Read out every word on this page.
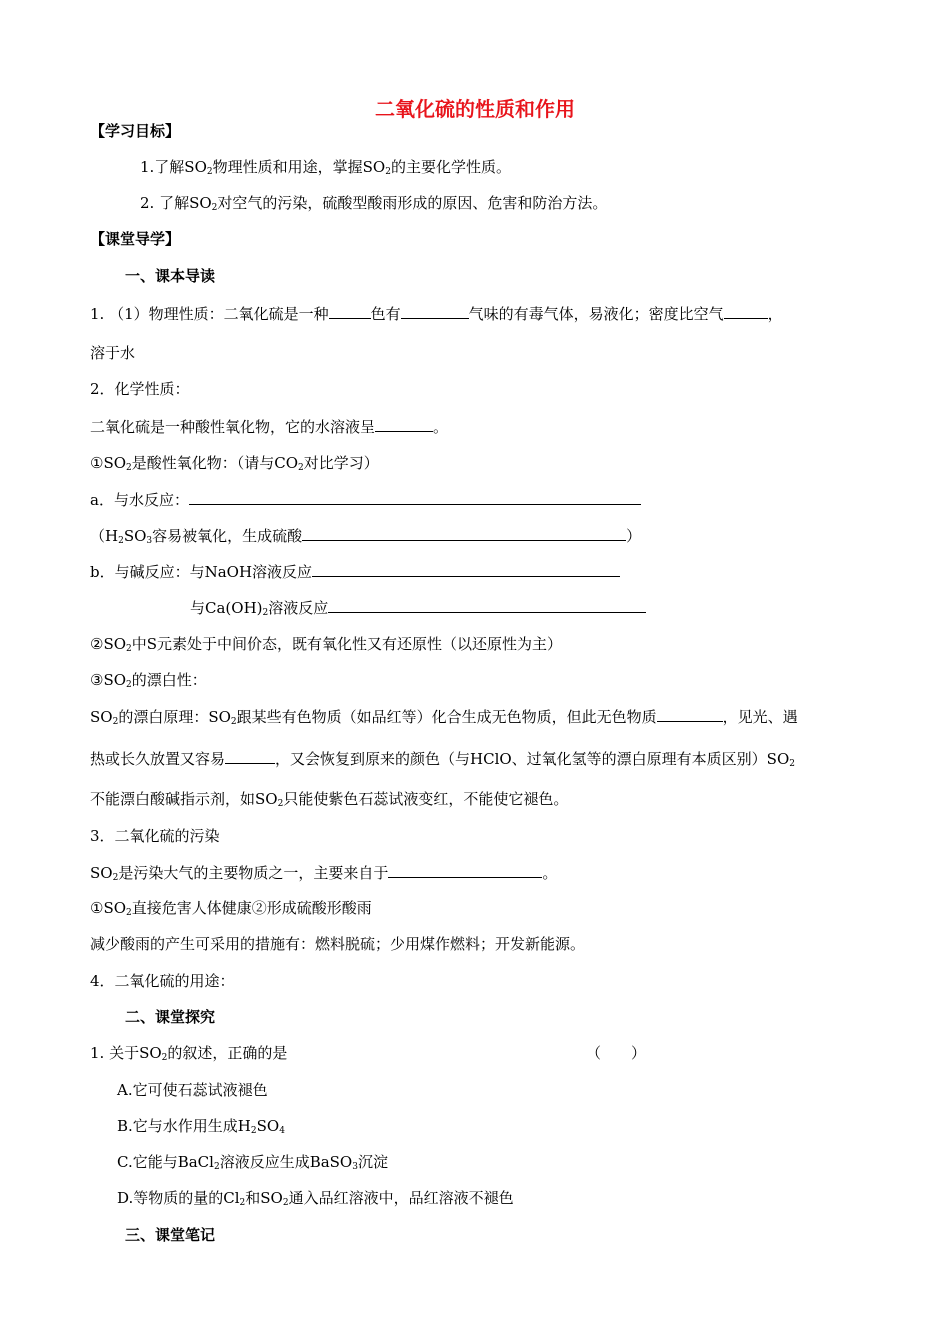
二氧化硫的性质和作用
【学习目标】
1.了解$SO_2$物理性质和用途，掌握$SO_2$的主要化学性质。
2. 了解$SO_2$对空气的污染，硫酸型酸雨形成的原因、危害和防治方法。
【课堂导学】
一、课本导读
1. （1）物理性质：二氧化硫是一种	色有	气味的有毒气体，易液化；密度比空气	，
溶于水
2．化学性质：
二氧化硫是一种酸性氧化物，它的水溶液呈	。
$①SO_2$是酸性氧化物：（请与$CO_2$对比学习）
a．与水反应：
（$H_2SO_3$容易被氧化，生成硫酸	）
b．与碱反应：与NaOH溶液反应
与$Ca(OH)_2$溶液反应
$②SO_2$中S元素处于中间价态，既有氧化性又有还原性（以还原性为主）
$③SO_2$的漂白性：
$SO_2$的漂白原理：$SO_2$跟某些有色物质（如品红等）化合生成无色物质，但此无色物质	，见光、遇
热或长久放置又容易	，又会恢复到原来的颜色（与HClO、过氧化氢等的漂白原理有本质区别）$SO_2$
不能漂白酸碱指示剂，如$SO_2$只能使紫色石蕊试液变红，不能使它褪色。
3．二氧化硫的污染
$SO_2$是污染大气的主要物质之一，主要来自于	。
$①SO_2$直接危害人体健康②形成硫酸形酸雨
减少酸雨的产生可采用的措施有：燃料脱硫；少用煤作燃料；开发新能源。
4．二氧化硫的用途：
二、课堂探究
1. 关于$SO_2$的叙述，正确的是	（　　）
A.它可使石蕊试液褪色
B.它与水作用生成$H_2SO_4$
C.它能与BaCl$_2$溶液反应生成BaSO$_3$沉淀
D.等物质的量的$Cl_2$和$SO_2$通入品红溶液中，品红溶液不褪色
三、课堂笔记
